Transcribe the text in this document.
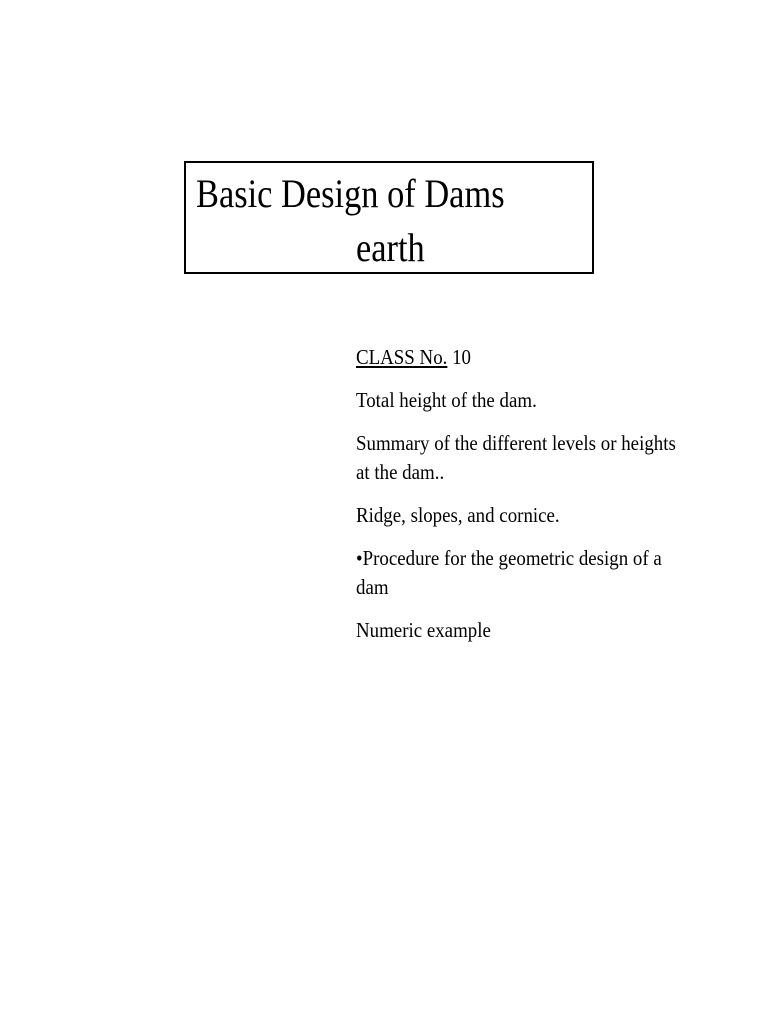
Basic Design of Dams
earth

CLASS No. 10

Total height of the dam.

Summary of the different levels or heights at the dam..

Ridge, slopes, and cornice.

•Procedure for the geometric design of a dam

Numeric example
